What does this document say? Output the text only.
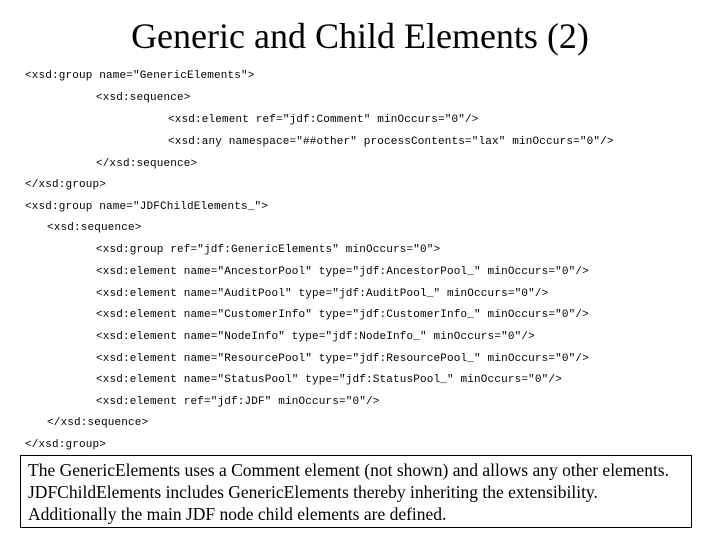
Generic and Child Elements (2)
<xsd:group name="GenericElements">
<xsd:sequence>
<xsd:element ref="jdf:Comment" minOccurs="0"/>
<xsd:any namespace="##other" processContents="lax" minOccurs="0"/>
</xsd:sequence>
</xsd:group>
<xsd:group name="JDFChildElements_">
<xsd:sequence>
<xsd:group ref="jdf:GenericElements" minOccurs="0">
<xsd:element name="AncestorPool" type="jdf:AncestorPool_" minOccurs="0"/>
<xsd:element name="AuditPool" type="jdf:AuditPool_" minOccurs="0"/>
<xsd:element name="CustomerInfo" type="jdf:CustomerInfo_" minOccurs="0"/>
<xsd:element name="NodeInfo" type="jdf:NodeInfo_" minOccurs="0"/>
<xsd:element name="ResourcePool" type="jdf:ResourcePool_" minOccurs="0"/>
<xsd:element name="StatusPool" type="jdf:StatusPool_" minOccurs="0"/>
<xsd:element ref="jdf:JDF" minOccurs="0"/>
</xsd:sequence>
</xsd:group>
The GenericElements uses a Comment element (not shown) and allows any other elements.
JDFChildElements includes GenericElements thereby inheriting the extensibility.
Additionally the main JDF node child elements are defined.
